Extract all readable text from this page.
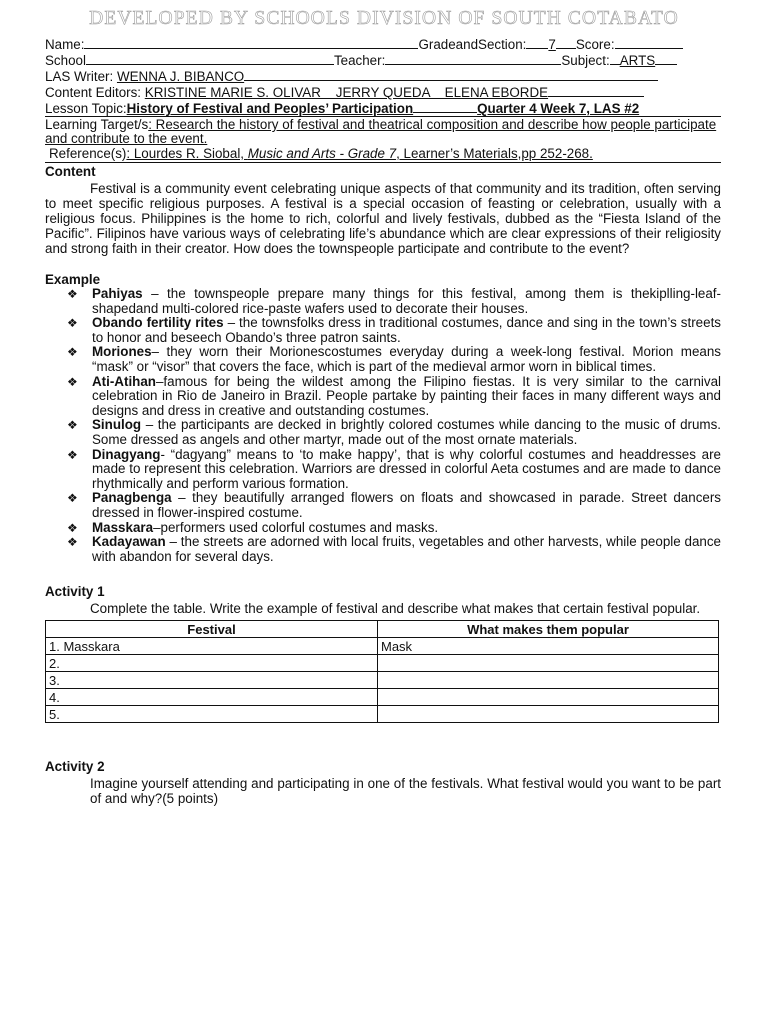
DEVELOPED BY SCHOOLS DIVISION OF SOUTH COTABATO
Name:	GradeandSection: 7 Score:
School	Teacher:	Subject: ARTS
LAS Writer: WENNA J. BIBANCO
Content Editors: KRISTINE MARIE S. OLIVAR    JERRY QUEDA    ELENA EBORDE
Lesson Topic:History of Festival and Peoples’ Participation	Quarter 4 Week 7, LAS #2
Learning Target/s: Research the history of festival and theatrical composition and describe how people participate and contribute to the event.
Reference(s): Lourdes R. Siobal, Music and Arts - Grade 7, Learner’s Materials,pp 252-268.
Content
Festival is a community event celebrating unique aspects of that community and its tradition, often serving to meet specific religious purposes. A festival is a special occasion of feasting or celebration, usually with a religious focus. Philippines is the home to rich, colorful and lively festivals, dubbed as the “Fiesta Island of the Pacific”. Filipinos have various ways of celebrating life’s abundance which are clear expressions of their religiosity and strong faith in their creator. How does the townspeople participate and contribute to the event?
Example
❖ Pahiyas – the townspeople prepare many things for this festival, among them is thekiplling-leaf-shapedand multi-colored rice-paste wafers used to decorate their houses.
❖ Obando fertility rites – the townsfolks dress in traditional costumes, dance and sing in the town’s streets to honor and beseech Obando’s three patron saints.
❖ Moriones– they worn their Morionescostumes everyday during a week-long festival. Morion means “mask” or “visor” that covers the face, which is part of the medieval armor worn in biblical times.
❖ Ati-Atihan–famous for being the wildest among the Filipino fiestas. It is very similar to the carnival celebration in Rio de Janeiro in Brazil. People partake by painting their faces in many different ways and designs and dress in creative and outstanding costumes.
❖ Sinulog – the participants are decked in brightly colored costumes while dancing to the music of drums. Some dressed as angels and other martyr, made out of the most ornate materials.
❖ Dinagyang- “dagyang” means to ‘to make happy’, that is why colorful costumes and headdresses are made to represent this celebration. Warriors are dressed in colorful Aeta costumes and are made to dance rhythmically and perform various formation.
❖ Panagbenga – they beautifully arranged flowers on floats and showcased in parade. Street dancers dressed in flower-inspired costume.
❖ Masskara–performers used colorful costumes and masks.
❖ Kadayawan – the streets are adorned with local fruits, vegetables and other harvests, while people dance with abandon for several days.
Activity 1
Complete the table. Write the example of festival and describe what makes that certain festival popular.
Festival	What makes them popular
1. Masskara	Mask
2.	
3.	
4.	
5.	
Activity 2
Imagine yourself attending and participating in one of the festivals. What festival would you want to be part of and why?(5 points)
